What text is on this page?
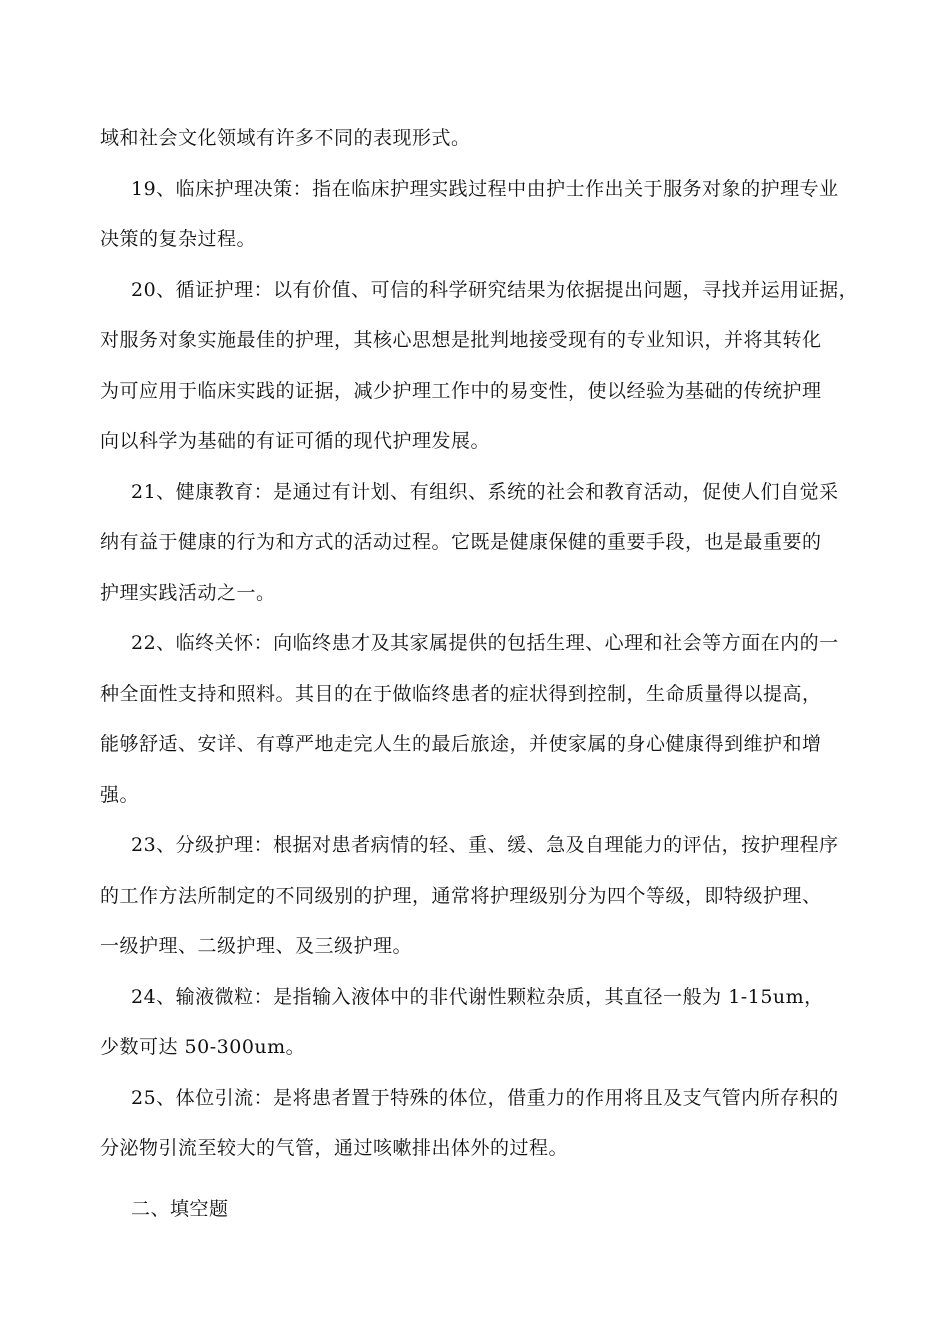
域和社会文化领域有许多不同的表现形式。
19、临床护理决策：指在临床护理实践过程中由护士作出关于服务对象的护理专业
决策的复杂过程。
20、循证护理：以有价值、可信的科学研究结果为依据提出问题，寻找并运用证据，
对服务对象实施最佳的护理，其核心思想是批判地接受现有的专业知识，并将其转化
为可应用于临床实践的证据，减少护理工作中的易变性，使以经验为基础的传统护理
向以科学为基础的有证可循的现代护理发展。
21、健康教育：是通过有计划、有组织、系统的社会和教育活动，促使人们自觉采
纳有益于健康的行为和方式的活动过程。它既是健康保健的重要手段，也是最重要的
护理实践活动之一。
22、临终关怀：向临终患才及其家属提供的包括生理、心理和社会等方面在内的一
种全面性支持和照料。其目的在于做临终患者的症状得到控制，生命质量得以提高，
能够舒适、安详、有尊严地走完人生的最后旅途，并使家属的身心健康得到维护和增
强。
23、分级护理：根据对患者病情的轻、重、缓、急及自理能力的评估，按护理程序
的工作方法所制定的不同级别的护理，通常将护理级别分为四个等级，即特级护理、
一级护理、二级护理、及三级护理。
24、输液微粒：是指输入液体中的非代谢性颗粒杂质，其直径一般为 1-15um，
少数可达 50-300um。
25、体位引流：是将患者置于特殊的体位，借重力的作用将且及支气管内所存积的
分泌物引流至较大的气管，通过咳嗽排出体外的过程。
二、填空题
